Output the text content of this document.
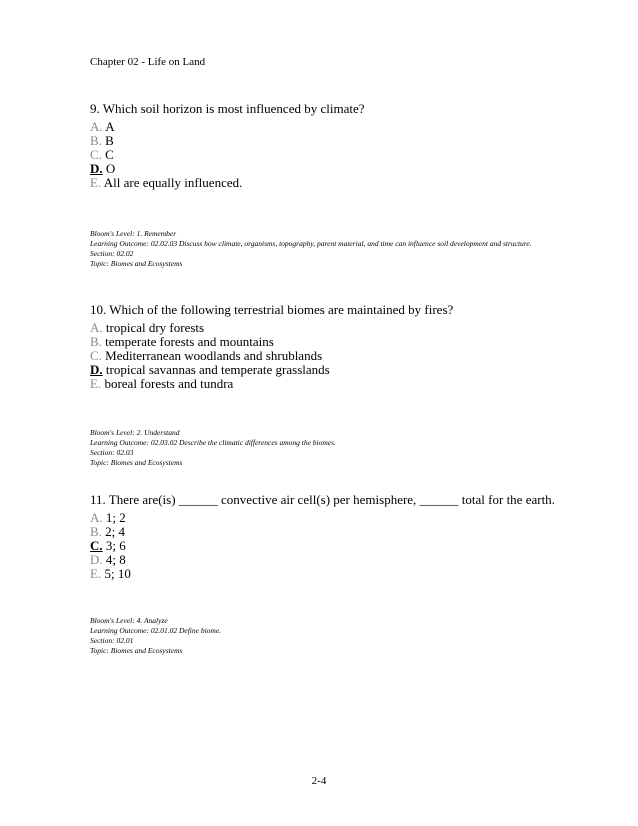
Chapter 02 - Life on Land
9. Which soil horizon is most influenced by climate?
A. A
B. B
C. C
D. O
E. All are equally influenced.
Bloom's Level: 1. Remember
Learning Outcome: 02.02.03 Discuss how climate, organisms, topography, parent material, and time can influence soil development and structure.
Section: 02.02
Topic: Biomes and Ecosystems
10. Which of the following terrestrial biomes are maintained by fires?
A. tropical dry forests
B. temperate forests and mountains
C. Mediterranean woodlands and shrublands
D. tropical savannas and temperate grasslands
E. boreal forests and tundra
Bloom's Level: 2. Understand
Learning Outcome: 02.03.02 Describe the climatic differences among the biomes.
Section: 02.03
Topic: Biomes and Ecosystems
11. There are(is) ______ convective air cell(s) per hemisphere, ______ total for the earth.
A. 1; 2
B. 2; 4
C. 3; 6
D. 4; 8
E. 5; 10
Bloom's Level: 4. Analyze
Learning Outcome: 02.01.02 Define biome.
Section: 02.01
Topic: Biomes and Ecosystems
2-4
